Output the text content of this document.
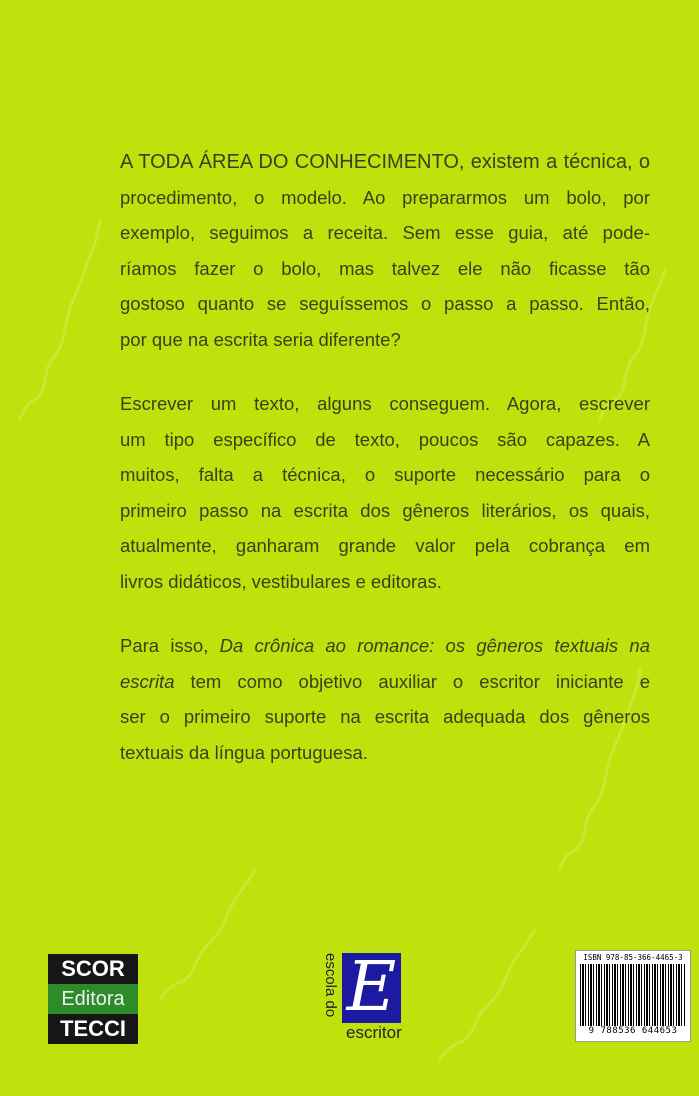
A TODA ÁREA DO CONHECIMENTO, existem a técnica, o
procedimento, o modelo. Ao prepararmos um bolo, por
exemplo, seguimos a receita. Sem esse guia, até pode-
ríamos fazer o bolo, mas talvez ele não ficasse tão
gostoso quanto se seguíssemos o passo a passo. Então,
por que na escrita seria diferente?
Escrever um texto, alguns conseguem. Agora, escrever
um tipo específico de texto, poucos são capazes. A
muitos, falta a técnica, o suporte necessário para o
primeiro passo na escrita dos gêneros literários, os quais,
atualmente, ganharam grande valor pela cobrança em
livros didáticos, vestibulares e editoras.
Para isso, Da crônica ao romance: os gêneros textuais na
escrita tem como objetivo auxiliar o escritor iniciante e
ser o primeiro suporte na escrita adequada dos gêneros
textuais da língua portuguesa.
SCOR
Editora
TECCI
escola do E
escritor
ISBN 978-85-366-4465-3
9 788536 644653
